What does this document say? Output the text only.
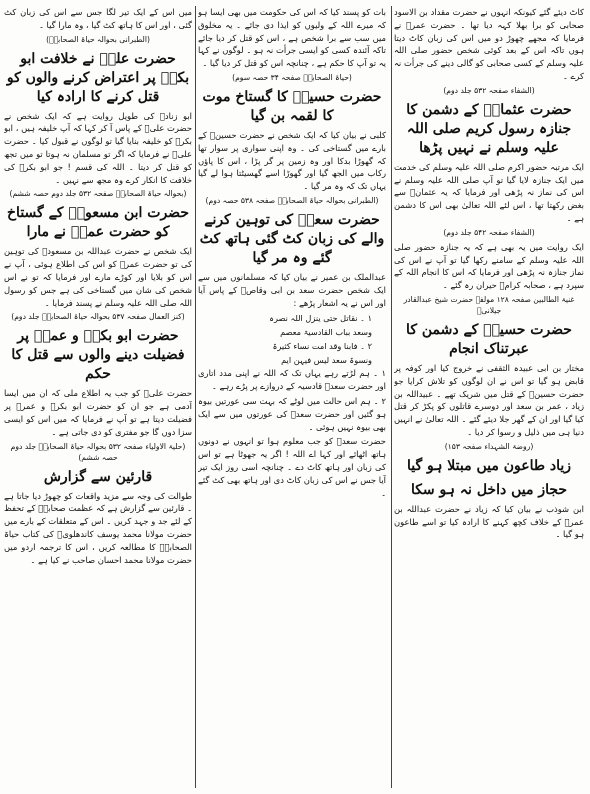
کاٹ دیئے گئے کیونکہ انہوں نے حضرت مقداد بن الاسود صحابی کو برا بھلا کہہ دیا تھا ۔ حضرت عمرؓ نے فرمایا کہ مجھے چھوڑ دو میں اس کی زبان کاٹ دیتا ہوں تاکہ اس کے بعد کوئی شخص حضور صلی اللہ علیہ وسلم کے کسی صحابی کو گالی دینے کی جرأت نہ کرے ۔
(الشفاء صفحہ ۵۳۲ جلد دوم)
حضرت عثمانؓ کے دشمن کا جنازہ رسول کریم صلی اللہ علیہ وسلم نے نہیں پڑھا
ایک مرتبہ حضور اکرم صلی اللہ علیہ وسلم کی خدمت میں ایک جنازہ لایا گیا تو آپ صلی اللہ علیہ وسلم نے اس کی نماز نہ پڑھی اور فرمایا کہ یہ عثمانؓ سے بغض رکھتا تھا ، اس لئے اللہ تعالیٰ بھی اس کا دشمن ہے ۔
(الشفاء صفحہ ۵۴۲ جلد دوم)
ایک روایت میں یہ بھی ہے کہ یہ جنازہ حضور صلی اللہ علیہ وسلم کے سامنے رکھا گیا تو آپ نے اس کی نماز جنازہ نہ پڑھی اور فرمایا کہ اس کا انجام اللہ کے سپرد ہے ، صحابہ کرامؓ حیران رہ گئے ۔
غنیۃ الطالبین صفحہ ۱۲۸ مولفہ حضرت شیخ عبدالقادر جیلانیؒ
حضرت حسینؓ کے دشمن کا عبرتناک انجام
مختار بن ابی عبیدہ الثقفی نے خروج کیا اور کوفہ پر قابض ہو گیا تو اس نے ان لوگوں کو تلاش کرایا جو حضرت حسینؓ کے قتل میں شریک تھے ۔ عبیداللہ بن زیاد ، عمر بن سعد اور دوسرے قاتلوں کو پکڑ کر قتل کیا گیا اور ان کے گھر جلا دیئے گئے ۔ اللہ تعالیٰ نے انہیں دنیا ہی میں ذلیل و رسوا کر دیا ۔
(روضۃ الشہداء صفحہ ۱۵۳)
زیاد طاعون میں مبتلا ہو گیا
حجاز میں داخل نہ ہو سکا
ابن شوذب نے بیان کیا کہ زیاد نے حضرت عبداللہ بن عمرؓ کے خلاف کچھ کہنے کا ارادہ کیا تو اسے طاعون ہو گیا ۔
بات کو پسند کیا کہ اس کی حکومت میں بھی ایسا ہو کہ میرے اللہ کے ولیوں کو ایذا دی جائے ۔ یہ مخلوق میں سب سے برا شخص ہے ، اس کو قتل کر دیا جائے تاکہ آئندہ کسی کو ایسی جرأت نہ ہو ۔ لوگوں نے کہا یہ تو آپ کا حکم ہے ، چنانچہ اس کو قتل کر دیا گیا ۔
(حیاۃ الصحابہؓ صفحہ ۳۴ حصہ سوم)
حضرت حسینؓ کا گستاخ موت کا لقمہ بن گیا
کلبی نے بیان کیا کہ ایک شخص نے حضرت حسینؓ کے بارے میں گستاخی کی ۔ وہ اپنی سواری پر سوار تھا کہ گھوڑا بدکا اور وہ زمین پر گر پڑا ، اس کا پاؤں رکاب میں الجھ گیا اور گھوڑا اسے گھسیٹتا ہوا لے گیا یہاں تک کہ وہ مر گیا ۔
(الطبرانی بحوالہ حیاۃ الصحابہؓ صفحہ ۵۳۸ حصہ دوم)
حضرت سعدؓ کی توہین کرنے والے کی زبان کٹ گئی ہاتھ کٹ گئے وہ مر گیا
عبدالملک بن عمیر نے بیان کیا کہ مسلمانوں میں سے ایک شخص حضرت سعد بن ابی وقاصؓ کے پاس آیا اور اس نے یہ اشعار پڑھے :
۱ ۔ نقاتل حتی ینزل اللہ نصرہ
وسعد بباب القادسیۃ معصم
۲ ۔ فابنا وقد امت نساء کثیرۃ
ونسوۃ سعد لیس فیہن ایم
۱ ۔ ہم لڑتے رہے یہاں تک کہ اللہ نے اپنی مدد اتاری اور حضرت سعدؓ قادسیہ کے دروازے پر پڑے رہے ۔
۲ ۔ ہم اس حالت میں لوٹے کہ بہت سی عورتیں بیوہ ہو گئیں اور حضرت سعدؓ کی عورتوں میں سے ایک بھی بیوہ نہیں ہوئی ۔
حضرت سعدؓ کو جب معلوم ہوا تو انہوں نے دونوں ہاتھ اٹھائے اور کہا اے اللہ ! اگر یہ جھوٹا ہے تو اس کی زبان اور ہاتھ کاٹ دے ۔ چنانچہ اسی روز ایک تیر آیا جس نے اس کی زبان کاٹ دی اور ہاتھ بھی کٹ گئے ۔
میں اس کے ایک تیر لگا جس سے اس کی زبان کٹ گئی ، اور اس کا ہاتھ کٹ گیا ، وہ مارا گیا ۔
(الطبرانی بحوالہ حیاۃ الصحابہؓ)
حضرت علیؓ نے خلافت ابو بکرؓ پر اعتراض کرنے والوں کو قتل کرنے کا ارادہ کیا
ابو زنادؓ کی طویل روایت ہے کہ ایک شخص نے حضرت علیؓ کے پاس آ کر کہا کہ آپ خلیفہ ہیں ، ابو بکرؓ کو خلیفہ بنایا گیا تو لوگوں نے قبول کیا ۔ حضرت علیؓ نے فرمایا کہ اگر تو مسلمان نہ ہوتا تو میں تجھ کو قتل کر دیتا ۔ اللہ کی قسم ! جو ابو بکرؓ کی خلافت کا انکار کرے وہ مجھ سے نہیں ۔
(بحوالہ حیاۃ الصحابہؓ صفحہ ۵۳۲ جلد دوم حصہ ششم)
حضرت ابن مسعودؓ کے گستاخ کو حضرت عمرؓ نے مارا
ایک شخص نے حضرت عبداللہ بن مسعودؓ کی توہین کی تو حضرت عمرؓ کو اس کی اطلاع ہوئی ، آپ نے اس کو بلایا اور کوڑے مارے اور فرمایا کہ تو نے اس شخص کی شان میں گستاخی کی ہے جس کو رسول اللہ صلی اللہ علیہ وسلم نے پسند فرمایا ۔
(کنز العمال صفحہ ۵۳۷ بحوالہ حیاۃ الصحابہؓ جلد دوم)
حضرت ابو بکرؓ و عمرؓ پر فضیلت دینے والوں سے قتل کا حکم
حضرت علیؓ کو جب یہ اطلاع ملی کہ ان میں ایسا آدمی ہے جو ان کو حضرت ابو بکرؓ و عمرؓ پر فضیلت دیتا ہے تو آپ نے فرمایا کہ میں اس کو ایسی سزا دوں گا جو مفتری کو دی جاتی ہے ۔
(حلیۃ الاولیاء صفحہ ۵۳۲ بحوالہ حیاۃ الصحابہؓ جلد دوم حصہ ششم)
قارئین سے گزارش
طوالت کی وجہ سے مزید واقعات کو چھوڑ دیا جاتا ہے ۔ قارئین سے گزارش ہے کہ عظمت صحابہؓ کے تحفظ کے لئے جد و جہد کریں ۔ اس کے متعلقات کے بارے میں حضرت مولانا محمد یوسف کاندھلویؒ کی کتاب حیاۃ الصحابہؓ کا مطالعہ کریں ، اس کا ترجمہ اردو میں حضرت مولانا محمد احسان صاحب نے کیا ہے ۔
